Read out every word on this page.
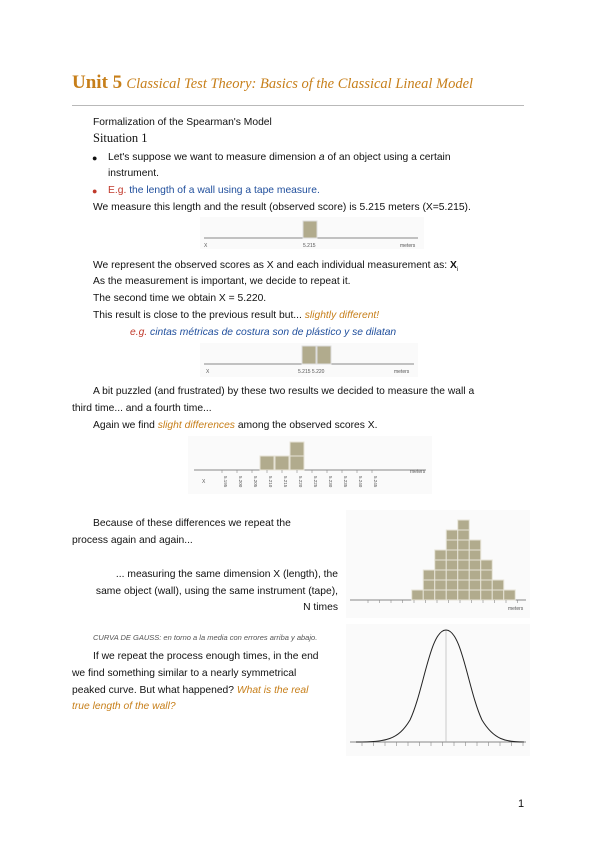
Unit 5 Classical Test Theory: Basics of the Classical Lineal Model
Formalization of the Spearman's Model
Situation 1
● Let's suppose we want to measure dimension a of an object using a certain
instrument.
● E.g. the length of a wall using a tape measure.
We measure this length and the result (observed score) is 5.215 meters (X=5.215).
X	5.215	meters
We represent the observed scores as X and each individual measurement as: $X_i$
As the measurement is important, we decide to repeat it.
The second time we obtain X = 5.220.
This result is close to the previous result but... slightly different!
e.g. cintas métricas de costura son de plástico y se dilatan
X	5.215 5.220	meters
A bit puzzled (and frustrated) by these two results we decided to measure the wall a
third time... and a fourth time...
Again we find slight differences among the observed scores X.
5.195 5.200 5.205 5.210 5.215 5.220 5.225 5.230 5.235 5.240 5.245
X
meters
Because of these differences we repeat the
process again and again...
... measuring the same dimension X (length), the
same object (wall), using the same instrument (tape),
N times	meters
CURVA DE GAUSS: en torno a la media con errores arriba y abajo.
If we repeat the process enough times, in the end
we find something similar to a nearly symmetrical
peaked curve. But what happened? What is the real
true length of the wall?
1
